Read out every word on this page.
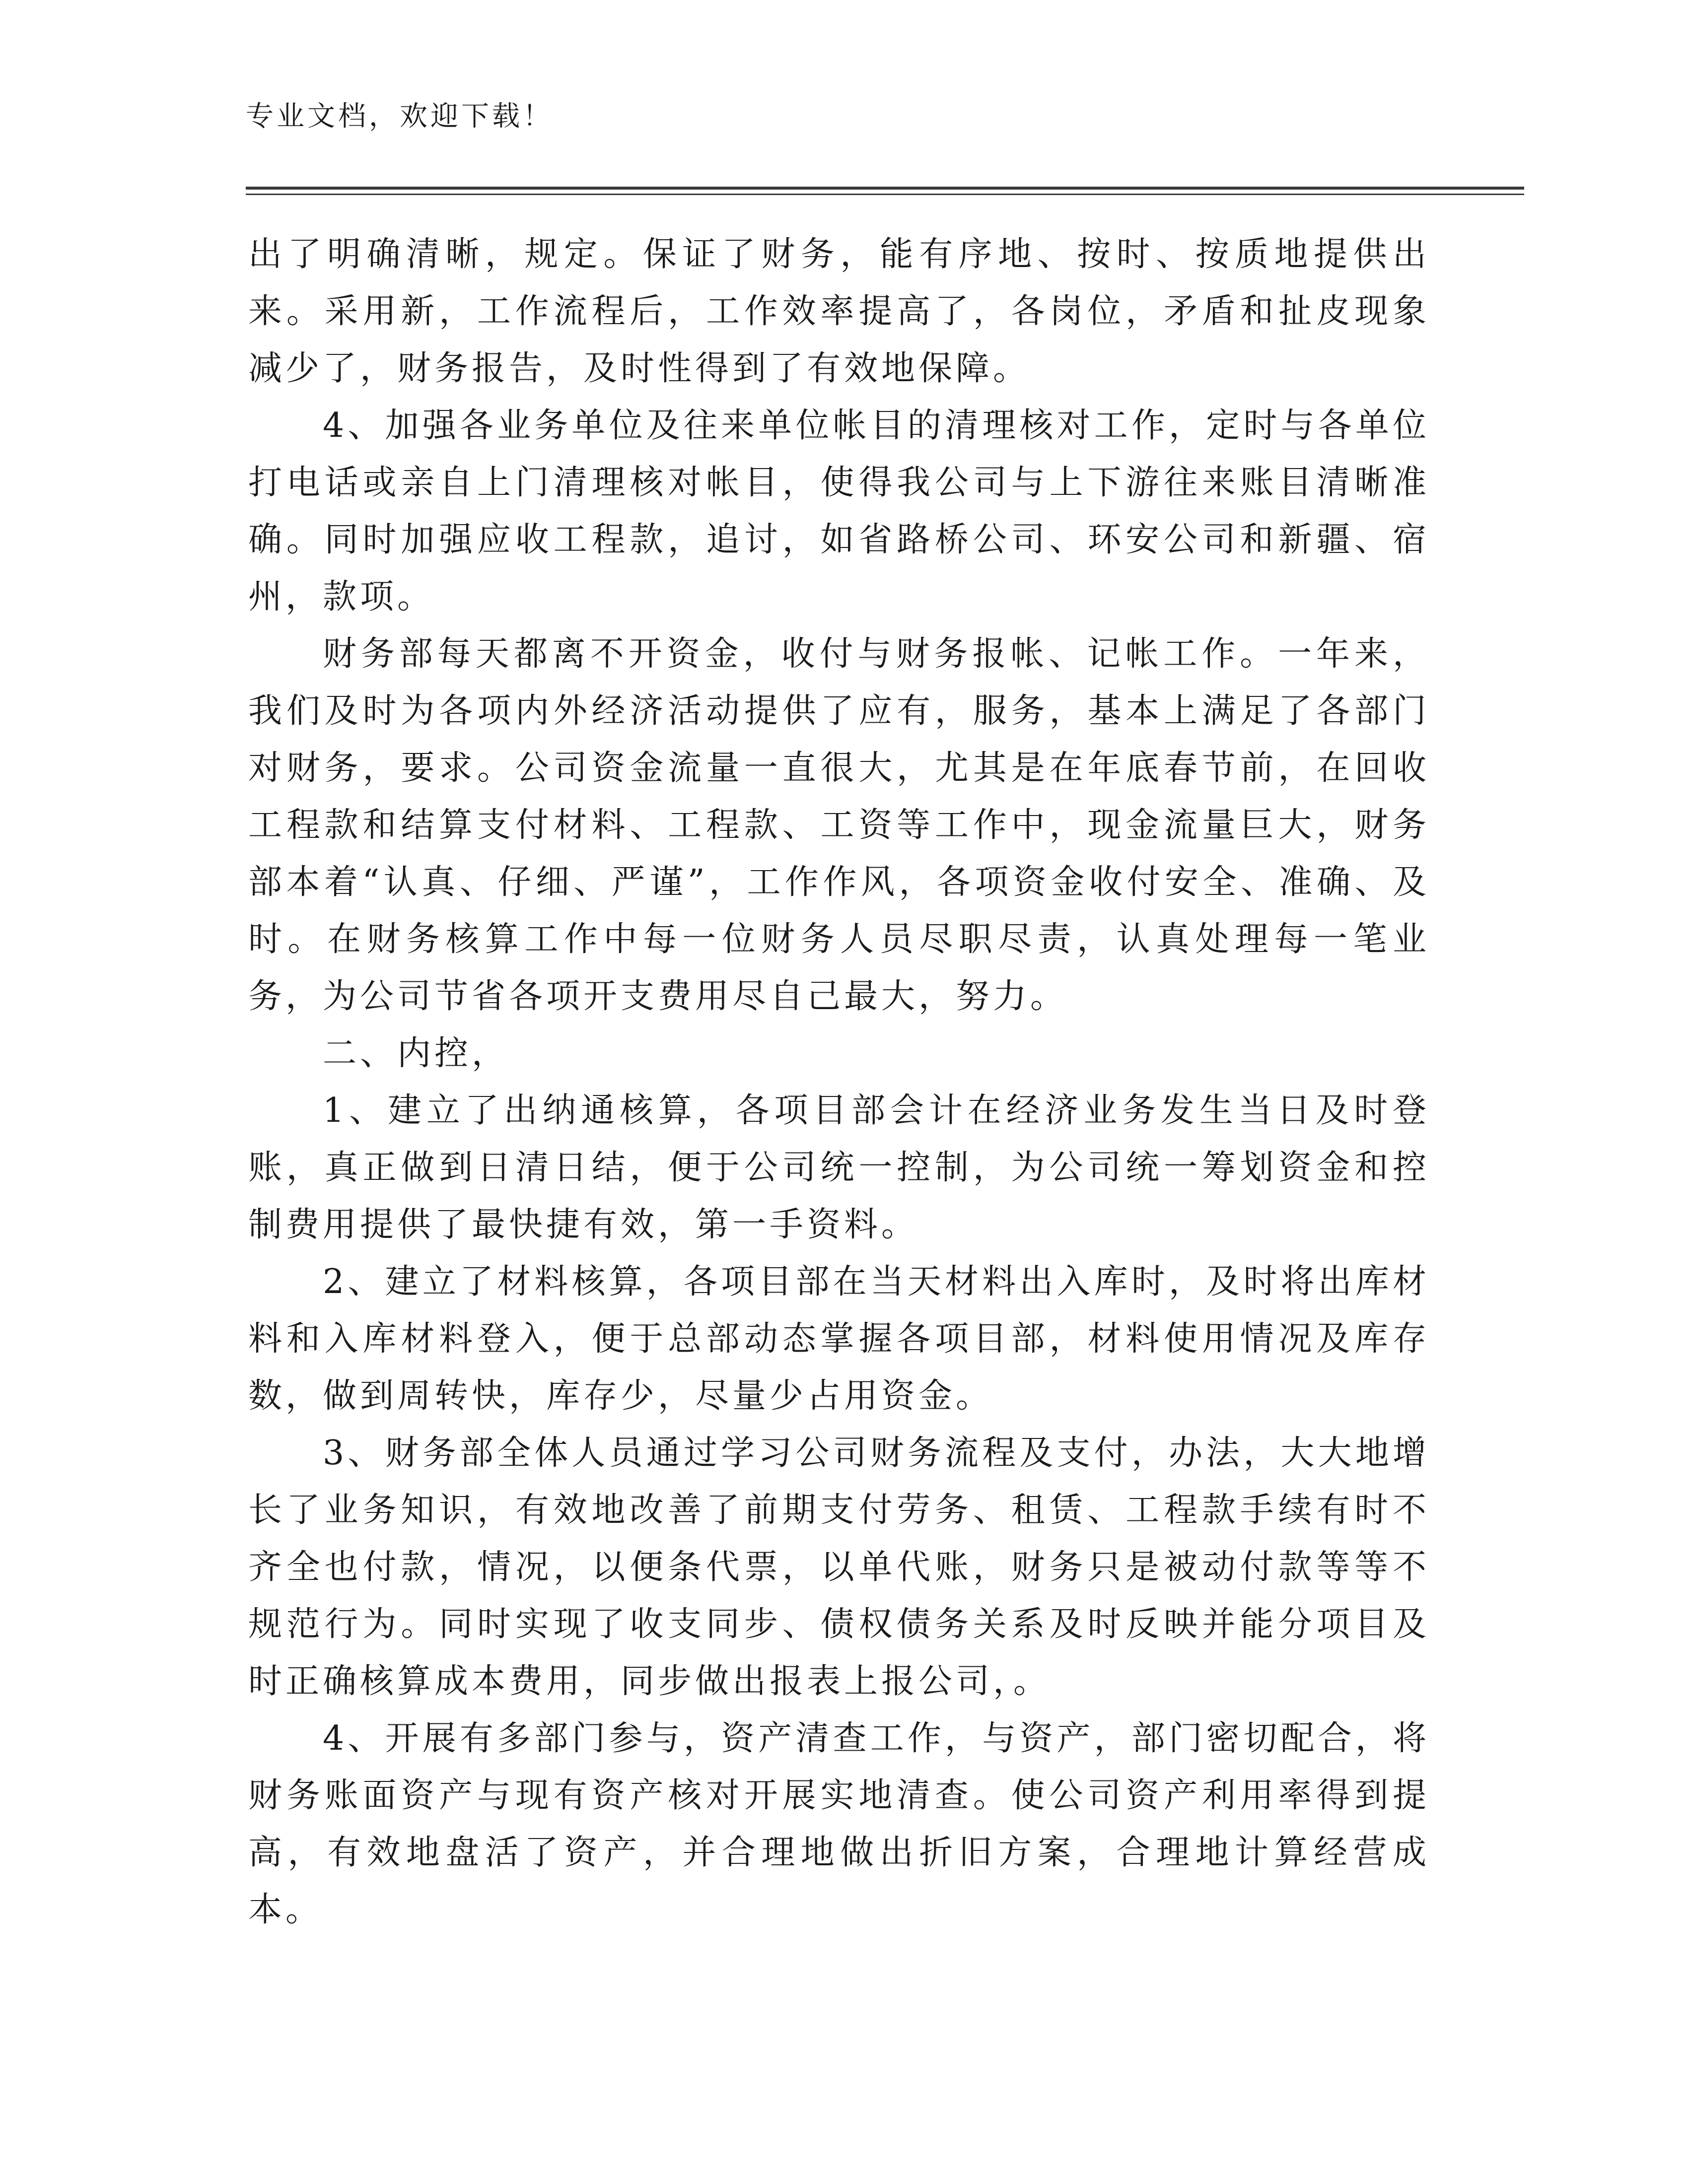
专业文档，欢迎下载！

出了明确清晰，规定。保证了财务，能有序地、按时、按质地提供出来。采用新，工作流程后，工作效率提高了，各岗位，矛盾和扯皮现象减少了，财务报告，及时性得到了有效地保障。

4、加强各业务单位及往来单位帐目的清理核对工作，定时与各单位打电话或亲自上门清理核对帐目，使得我公司与上下游往来账目清晰准确。同时加强应收工程款，追讨，如省路桥公司、环安公司和新疆、宿州，款项。

财务部每天都离不开资金，收付与财务报帐、记帐工作。一年来，我们及时为各项内外经济活动提供了应有，服务，基本上满足了各部门对财务，要求。公司资金流量一直很大，尤其是在年底春节前，在回收工程款和结算支付材料、工程款、工资等工作中，现金流量巨大，财务部本着“认真、仔细、严谨”，工作作风，各项资金收付安全、准确、及时。在财务核算工作中每一位财务人员尽职尽责，认真处理每一笔业务，为公司节省各项开支费用尽自己最大，努力。

二、内控，

1、建立了出纳通核算，各项目部会计在经济业务发生当日及时登账，真正做到日清日结，便于公司统一控制，为公司统一筹划资金和控制费用提供了最快捷有效，第一手资料。

2、建立了材料核算，各项目部在当天材料出入库时，及时将出库材料和入库材料登入，便于总部动态掌握各项目部，材料使用情况及库存数，做到周转快，库存少，尽量少占用资金。

3、财务部全体人员通过学习公司财务流程及支付，办法，大大地增长了业务知识，有效地改善了前期支付劳务、租赁、工程款手续有时不齐全也付款，情况，以便条代票，以单代账，财务只是被动付款等等不规范行为。同时实现了收支同步、债权债务关系及时反映并能分项目及时正确核算成本费用，同步做出报表上报公司，。

4、开展有多部门参与，资产清查工作，与资产，部门密切配合，将财务账面资产与现有资产核对开展实地清查。使公司资产利用率得到提高，有效地盘活了资产，并合理地做出折旧方案，合理地计算经营成本。
